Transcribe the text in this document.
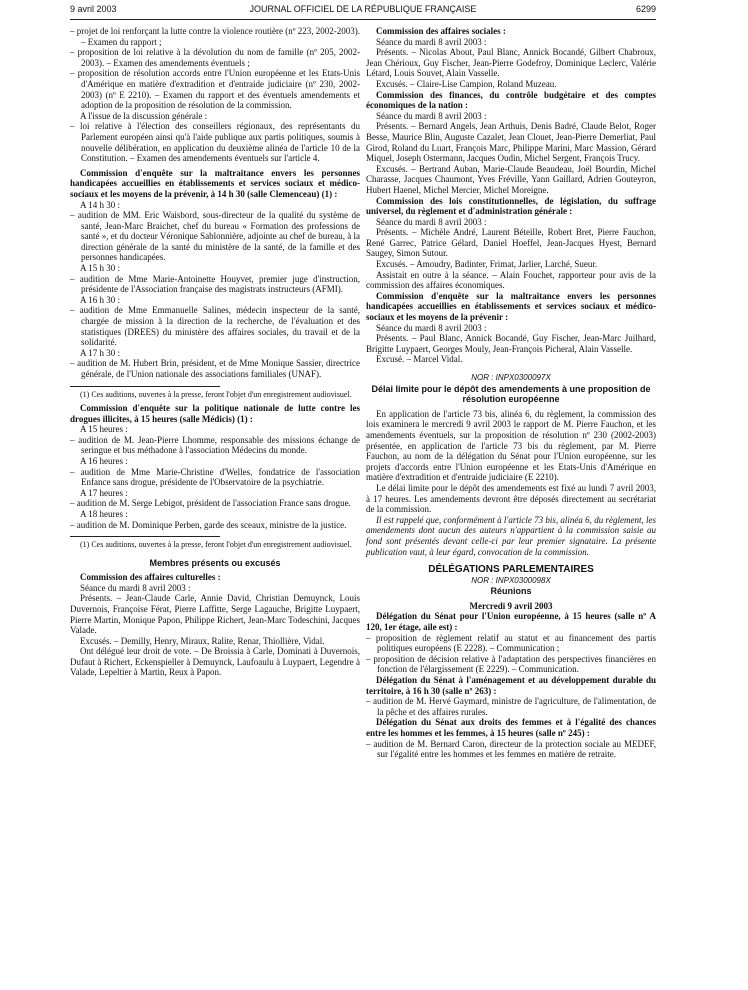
9 avril 2003	JOURNAL OFFICIEL DE LA RÉPUBLIQUE FRANÇAISE	6299
– projet de loi renforçant la lutte contre la violence routière (nº 223, 2002-2003). – Examen du rapport ;
– proposition de loi relative à la dévolution du nom de famille (nº 205, 2002-2003). – Examen des amendements éventuels ;
– proposition de résolution accords entre l'Union européenne et les Etats-Unis d'Amérique en matière d'extradition et d'entraide judiciaire (nº 230, 2002-2003) (nº E 2210). – Examen du rapport et des éventuels amendements et adoption de la proposition de résolution de la commission.
A l'issue de la discussion générale :
– loi relative à l'élection des conseillers régionaux, des représentants du Parlement européen ainsi qu'à l'aide publique aux partis politiques, soumis à nouvelle délibération, en application du deuxième alinéa de l'article 10 de la Constitution. – Examen des amendements éventuels sur l'article 4.
Commission d'enquête sur la maltraitance envers les personnes handicapées accueillies en établissements et services sociaux et médico-sociaux et les moyens de la prévenir, à 14 h 30 (salle Clemenceau) (1) :
A 14 h 30 :
– audition de MM. Eric Waisbord, sous-directeur de la qualité du système de santé, Jean-Marc Braichet, chef du bureau « Formation des professions de santé », et du docteur Véronique Sablonnière, adjointe au chef de bureau, à la direction générale de la santé du ministère de la santé, de la famille et des personnes handicapées.
A 15 h 30 :
– audition de Mme Marie-Antoinette Houyvet, premier juge d'instruction, présidente de l'Association française des magistrats instructeurs (AFMI).
A 16 h 30 :
– audition de Mme Emmanuelle Salines, médecin inspecteur de la santé, chargée de mission à la direction de la recherche, de l'évaluation et des statistiques (DREES) du ministère des affaires sociales, du travail et de la solidarité.
A 17 h 30 :
– audition de M. Hubert Brin, président, et de Mme Monique Sassier, directrice générale, de l'Union nationale des associations familiales (UNAF).
(1) Ces auditions, ouvertes à la presse, feront l'objet d'un enregistrement audiovisuel.
Commission d'enquête sur la politique nationale de lutte contre les drogues illicites, à 15 heures (salle Médicis) (1) :
A 15 heures :
– audition de M. Jean-Pierre Lhomme, responsable des missions échange de seringue et bus méthadone à l'association Médecins du monde.
A 16 heures :
– audition de Mme Marie-Christine d'Welles, fondatrice de l'association Enfance sans drogue, présidente de l'Observatoire de la psychiatrie.
A 17 heures :
– audition de M. Serge Lebigot, président de l'association France sans drogue.
A 18 heures :
– audition de M. Dominique Perben, garde des sceaux, ministre de la justice.
(1) Ces auditions, ouvertes à la presse, feront l'objet d'un enregistrement audiovisuel.
Membres présents ou excusés
Commission des affaires culturelles :
Séance du mardi 8 avril 2003 :
Présents. – Jean-Claude Carle, Annie David, Christian Demuynck, Louis Duvernois, Françoise Férat, Pierre Laffitte, Serge Lagauche, Brigitte Luypaert, Pierre Martin, Monique Papon, Philippe Richert, Jean-Marc Todeschini, Jacques Valade.
Excusés. – Demilly, Henry, Miraux, Ralite, Renar, Thiollière, Vidal.
Ont délégué leur droit de vote. – De Broissia à Carle, Dominati à Duvernois, Dufaut à Richert, Eckenspieller à Demuynck, Laufoaulu à Luypaert, Legendre à Valade, Lepeltier à Martin, Reux à Papon.
Commission des affaires sociales :
Séance du mardi 8 avril 2003 :
Présents. – Nicolas About, Paul Blanc, Annick Bocandé, Gilbert Chabroux, Jean Chérioux, Guy Fischer, Jean-Pierre Godefroy, Dominique Leclerc, Valérie Létard, Louis Souvet, Alain Vasselle.
Excusés. – Claire-Lise Campion, Roland Muzeau.
Commission des finances, du contrôle budgétaire et des comptes économiques de la nation :
Séance du mardi 8 avril 2003 :
Présents. – Bernard Angels, Jean Arthuis, Denis Badré, Claude Belot, Roger Besse, Maurice Blin, Auguste Cazalet, Jean Clouet, Jean-Pierre Demerliat, Paul Girod, Roland du Luart, François Marc, Philippe Marini, Marc Massion, Gérard Miquel, Joseph Ostermann, Jacques Oudin, Michel Sergent, François Trucy.
Excusés. – Bertrand Auban, Marie-Claude Beaudeau, Joël Bourdin, Michel Charasse, Jacques Chaumont, Yves Fréville, Yann Gaillard, Adrien Gouteyron, Hubert Haenel, Michel Mercier, Michel Moreigne.
Commission des lois constitutionnelles, de législation, du suffrage universel, du règlement et d'administration générale :
Séance du mardi 8 avril 2003 :
Présents. – Michèle André, Laurent Béteille, Robert Bret, Pierre Fauchon, René Garrec, Patrice Gélard, Daniel Hoeffel, Jean-Jacques Hyest, Bernard Saugey, Simon Sutour.
Excusés. – Amoudry, Badinter, Frimat, Jarlier, Larché, Sueur.
Assistait en outre à la séance. – Alain Fouchet, rapporteur pour avis de la commission des affaires économiques.
Commission d'enquête sur la maltraitance envers les personnes handicapées accueillies en établissements et services sociaux et médico-sociaux et les moyens de la prévenir :
Séance du mardi 8 avril 2003 :
Présents. – Paul Blanc, Annick Bocandé, Guy Fischer, Jean-Marc Juilhard, Brigitte Luypaert, Georges Mouly, Jean-François Picheral, Alain Vasselle.
Excusé. – Marcel Vidal.
NOR : INPX0300097X
Délai limite pour le dépôt des amendements à une proposition de résolution européenne
En application de l'article 73 bis, alinéa 6, du règlement, la commission des lois examinera le mercredi 9 avril 2003 le rapport de M. Pierre Fauchon, et les amendements éventuels, sur la proposition de résolution nº 230 (2002-2003) présentée, en application de l'article 73 bis du règlement, par M. Pierre Fauchon, au nom de la délégation du Sénat pour l'Union européenne, sur les projets d'accords entre l'Union européenne et les Etats-Unis d'Amérique en matière d'extradition et d'entraide judiciaire (E 2210).
Le délai limite pour le dépôt des amendements est fixé au lundi 7 avril 2003, à 17 heures. Les amendements devront être déposés directement au secrétariat de la commission.
Il est rappelé que, conformément à l'article 73 bis, alinéa 6, du règlement, les amendements dont aucun des auteurs n'appartient à la commission saisie au fond sont présentés devant celle-ci par leur premier signataire. La présente publication vaut, à leur égard, convocation de la commission.
DÉLÉGATIONS PARLEMENTAIRES
NOR : INPX0300098X
Réunions
Mercredi 9 avril 2003
Délégation du Sénat pour l'Union européenne, à 15 heures (salle nº A 120, 1er étage, aile est) :
– proposition de règlement relatif au statut et au financement des partis politiques européens (E 2228). – Communication ;
– proposition de décision relative à l'adaptation des perspectives financières en fonction de l'élargissement (E 2229). – Communication.
Délégation du Sénat à l'aménagement et au développement durable du territoire, à 16 h 30 (salle nº 263) :
– audition de M. Hervé Gaymard, ministre de l'agriculture, de l'alimentation, de la pêche et des affaires rurales.
Délégation du Sénat aux droits des femmes et à l'égalité des chances entre les hommes et les femmes, à 15 heures (salle nº 245) :
– audition de M. Bernard Caron, directeur de la protection sociale au MEDEF, sur l'égalité entre les hommes et les femmes en matière de retraite.
